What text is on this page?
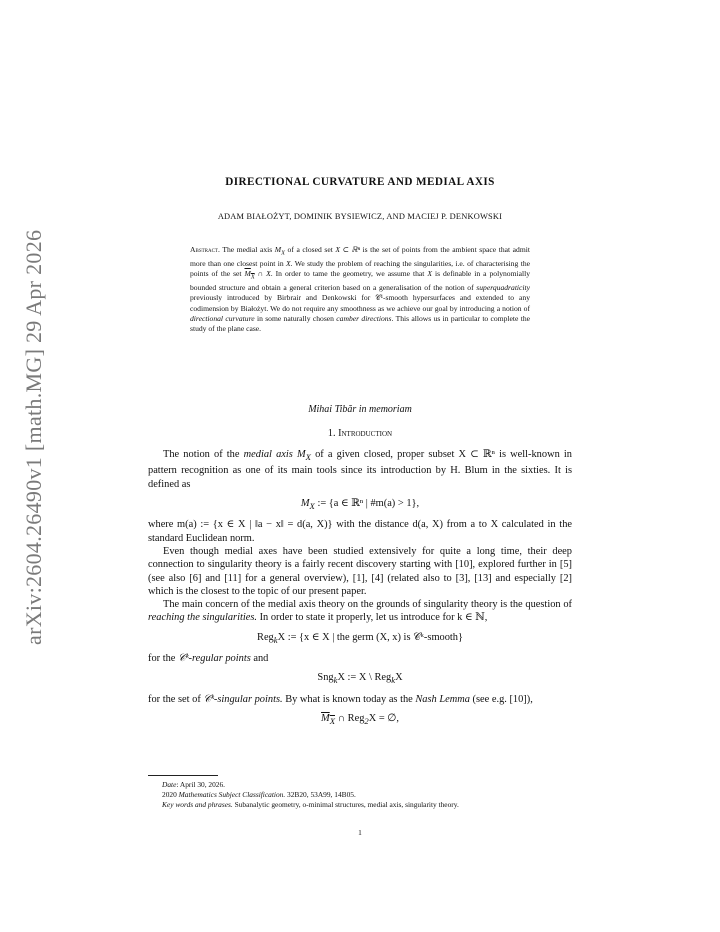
arXiv:2604.26490v1 [math.MG] 29 Apr 2026
DIRECTIONAL CURVATURE AND MEDIAL AXIS
ADAM BIAŁOŻYT, DOMINIK BYSIEWICZ, AND MACIEJ P. DENKOWSKI
Abstract. The medial axis $M_X$ of a closed set X ⊂ ℝⁿ is the set of points from the ambient space that admit more than one closest point in X. We study the problem of reaching the singularities, i.e. of characterising the points of the set $M_X$ ∩ X. In order to tame the geometry, we assume that X is definable in a polynomially bounded structure and obtain a general criterion based on a generalisation of the notion of superquadraticity previously introduced by Birbrair and Denkowski for 𝒞¹-smooth hypersurfaces and extended to any codimension by Białożyt. We do not require any smoothness as we achieve our goal by introducing a notion of directional curvature in some naturally chosen camber directions. This allows us in particular to complete the study of the plane case.
Mihai Tibăr in memoriam
1. Introduction

The notion of the medial axis $M_X$ of a given closed, proper subset X ⊂ ℝⁿ is well-known in pattern recognition as one of its main tools since its introduction by H. Blum in the sixties. It is defined as

$M_X$ := {a ∈ ℝⁿ | #m(a) > 1},

where m(a) := {x ∈ X | ‖a − x‖ = d(a, X)} with the distance d(a, X) from a to X calculated in the standard Euclidean norm.

Even though medial axes have been studied extensively for quite a long time, their deep connection to singularity theory is a fairly recent discovery starting with [10], explored further in [5] (see also [6] and [11] for a general overview), [1], [4] (related also to [3], [13] and especially [2] which is the closest to the topic of our present paper.

The main concern of the medial axis theory on the grounds of singularity theory is the question of reaching the singularities. In order to state it properly, let us introduce for k ∈ ℕ,

Reg$_k$X := {x ∈ X | the germ (X, x) is 𝒞ᵏ-smooth}

for the 𝒞ᵏ-regular points and

Sng$_k$X := X \ Reg$_k$X

for the set of 𝒞ᵏ-singular points. By what is known today as the Nash Lemma (see e.g. [10]),

$M_X$ ∩ Reg$_2$X = ∅,

Date: April 30, 2026.

2020 Mathematics Subject Classification. 32B20, 53A99, 14B05.

Key words and phrases. Subanalytic geometry, o-minimal structures, medial axis, singularity theory.

1
